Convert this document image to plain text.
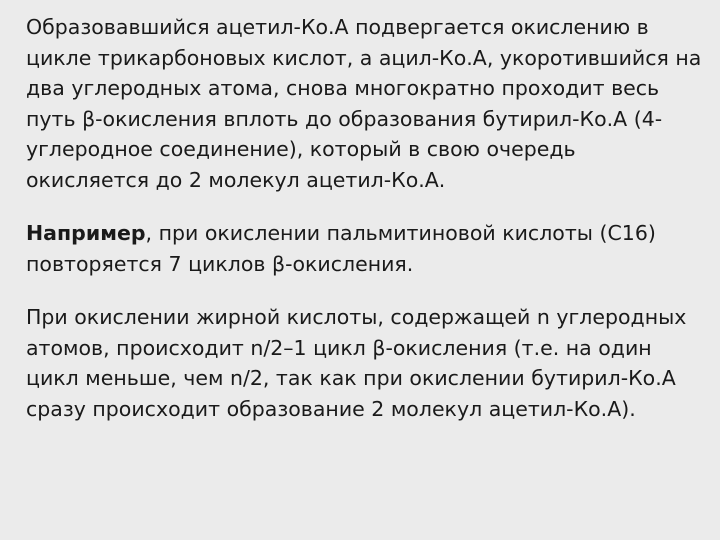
Образовавшийся ацетил-Ко.А подвергается окислению в цикле трикарбоновых кислот, а ацил-Ко.А, укоротившийся на два углеродных атома, снова многократно проходит весь путь β-окисления вплоть до образования бутирил-Ко.А (4-углеродное соединение), который в свою очередь окисляется до 2 молекул ацетил-Ко.А.

Например, при окислении пальмитиновой кислоты (С16) повторяется 7 циклов β-окисления.

При окислении жирной кислоты, содержащей n углеродных атомов, происходит n/2–1 цикл β-окисления (т.е. на один цикл меньше, чем n/2, так как при окислении бутирил-Ко.А сразу происходит образование 2 молекул ацетил-Ко.А).
